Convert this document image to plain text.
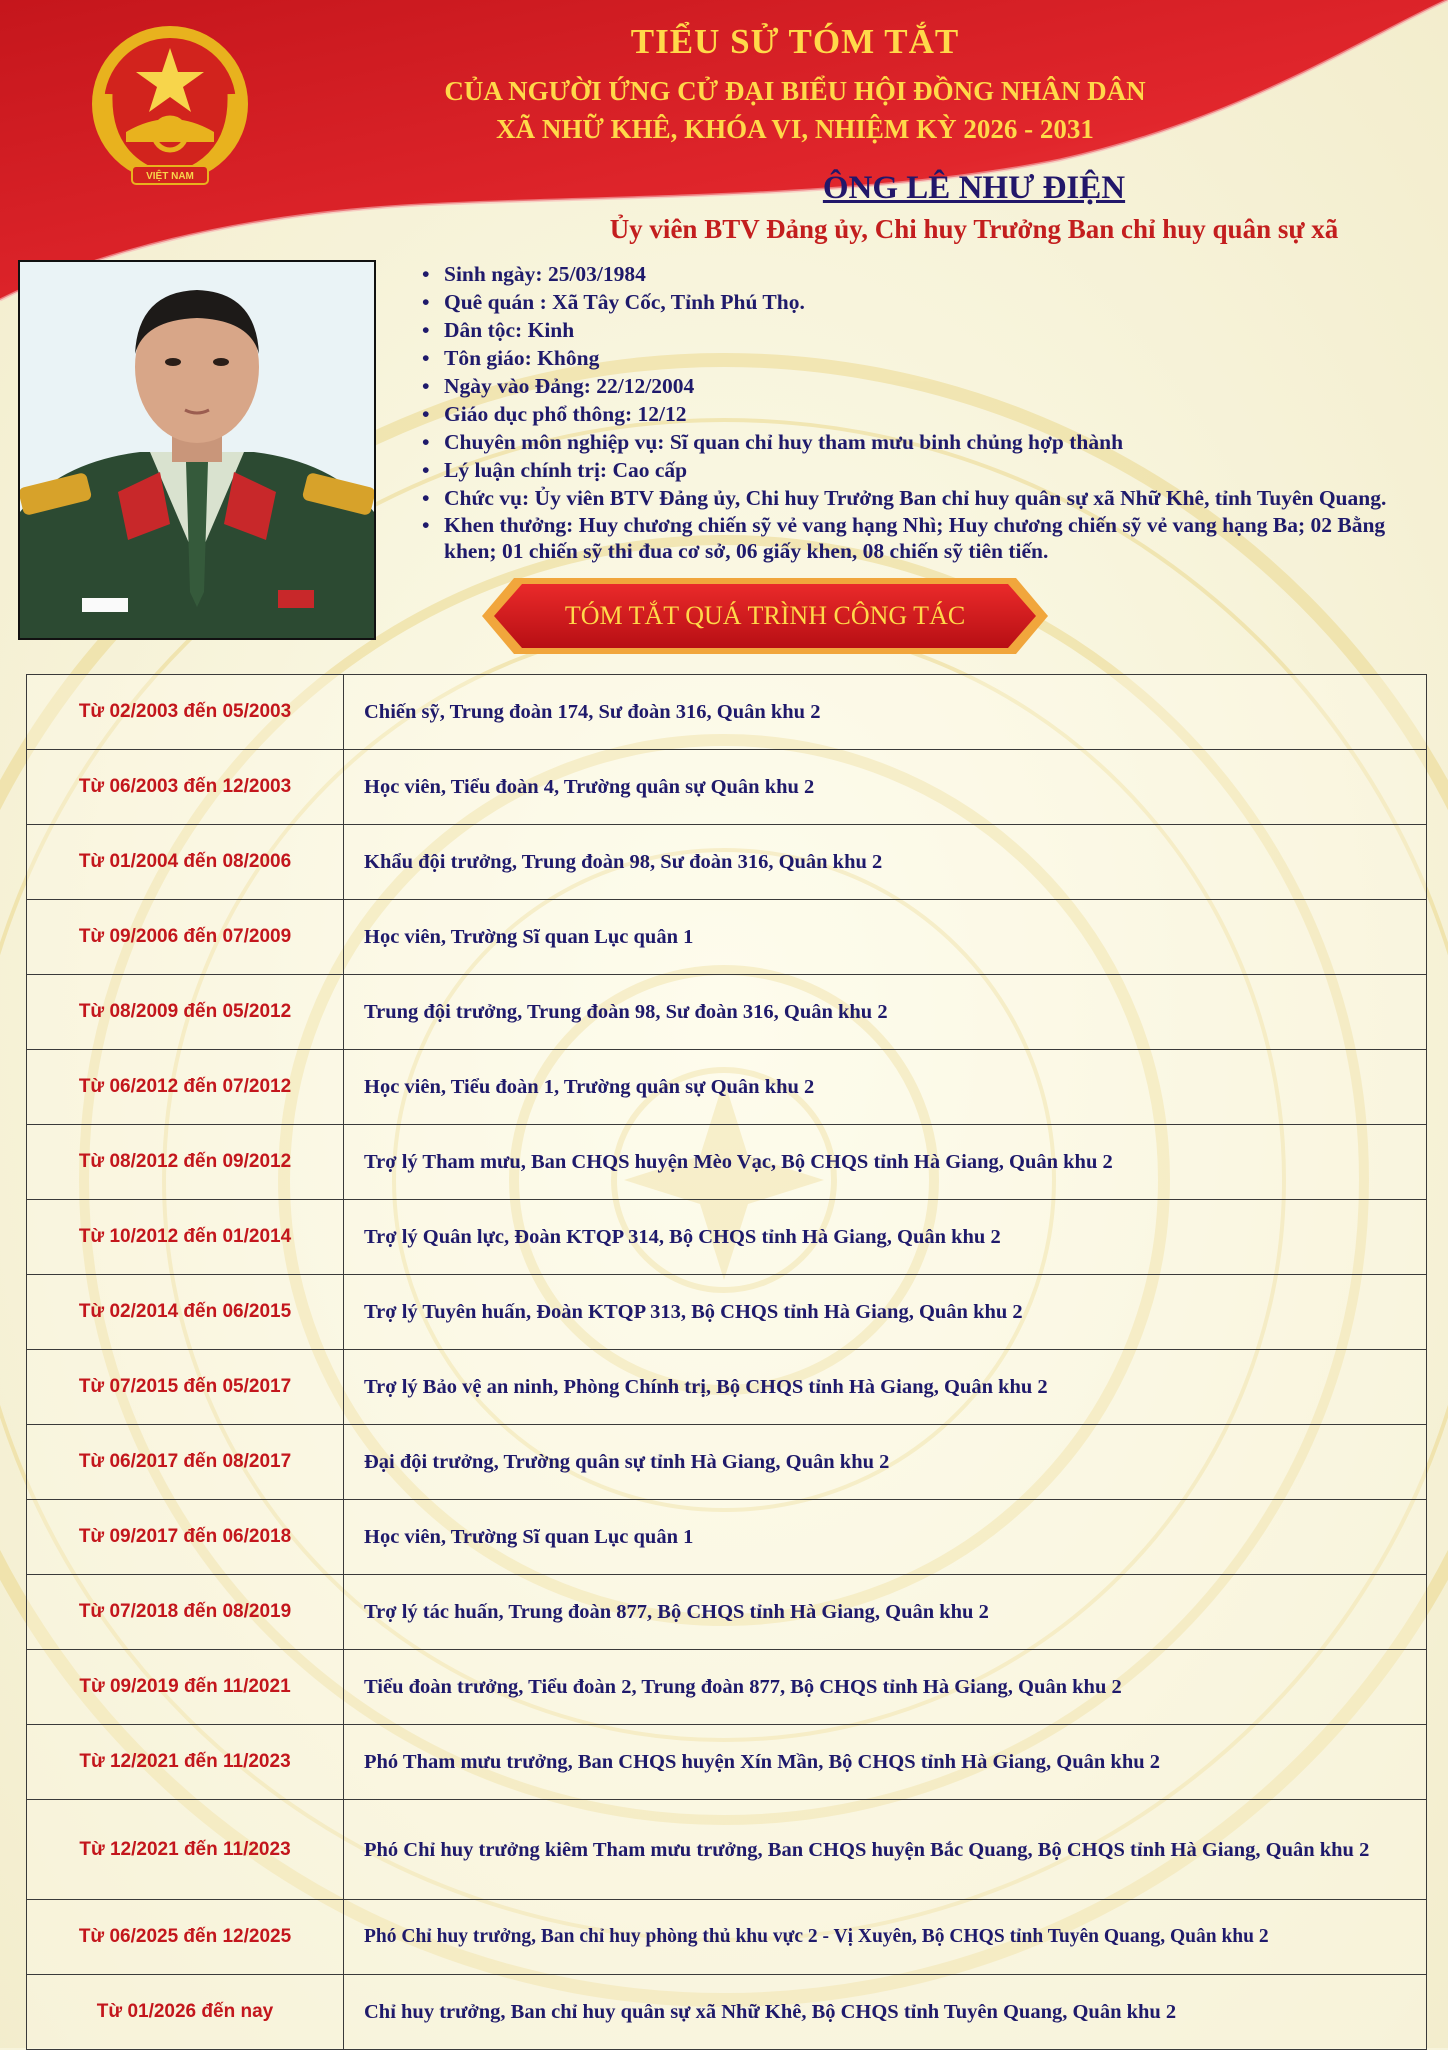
VIỆT NAM
TIỂU SỬ TÓM TẮT
CỦA NGƯỜI ỨNG CỬ ĐẠI BIỂU HỘI ĐỒNG NHÂN DÂN
XÃ NHỮ KHÊ, KHÓA VI, NHIỆM KỲ 2026 - 2031
ÔNG LÊ NHƯ ĐIỆN
Ủy viên BTV Đảng ủy, Chi huy Trưởng Ban chỉ huy quân sự xã
• Sinh ngày: 25/03/1984
• Quê quán : Xã Tây Cốc, Tỉnh Phú Thọ.
• Dân tộc: Kinh
• Tôn giáo: Không
• Ngày vào Đảng: 22/12/2004
• Giáo dục phổ thông: 12/12
• Chuyên môn nghiệp vụ: Sĩ quan chỉ huy tham mưu binh chủng hợp thành
• Lý luận chính trị: Cao cấp
• Chức vụ: Ủy viên BTV Đảng ủy, Chi huy Trưởng Ban chỉ huy quân sự xã Nhữ Khê, tỉnh Tuyên Quang.
• Khen thưởng: Huy chương chiến sỹ vẻ vang hạng Nhì; Huy chương chiến sỹ vẻ vang hạng Ba; 02 Bằng khen; 01 chiến sỹ thi đua cơ sở, 06 giấy khen, 08 chiến sỹ tiên tiến.
TÓM TẮT QUÁ TRÌNH CÔNG TÁC
Từ 02/2003 đến 05/2003	Chiến sỹ, Trung đoàn 174, Sư đoàn 316, Quân khu 2
Từ 06/2003 đến 12/2003	Học viên, Tiểu đoàn 4, Trường quân sự Quân khu 2
Từ 01/2004 đến 08/2006	Khẩu đội trưởng, Trung đoàn 98, Sư đoàn 316, Quân khu 2
Từ 09/2006 đến 07/2009	Học viên, Trường Sĩ quan Lục quân 1
Từ 08/2009 đến 05/2012	Trung đội trưởng, Trung đoàn 98, Sư đoàn 316, Quân khu 2
Từ 06/2012 đến 07/2012	Học viên, Tiểu đoàn 1, Trường quân sự Quân khu 2
Từ 08/2012 đến 09/2012	Trợ lý Tham mưu, Ban CHQS huyện Mèo Vạc, Bộ CHQS tỉnh Hà Giang, Quân khu 2
Từ 10/2012 đến 01/2014	Trợ lý Quân lực, Đoàn KTQP 314, Bộ CHQS tỉnh Hà Giang, Quân khu 2
Từ 02/2014 đến 06/2015	Trợ lý Tuyên huấn, Đoàn KTQP 313, Bộ CHQS tỉnh Hà Giang, Quân khu 2
Từ 07/2015 đến 05/2017	Trợ lý Bảo vệ an ninh, Phòng Chính trị, Bộ CHQS tỉnh Hà Giang, Quân khu 2
Từ 06/2017 đến 08/2017	Đại đội trưởng, Trường quân sự tỉnh Hà Giang, Quân khu 2
Từ 09/2017 đến 06/2018	Học viên, Trường Sĩ quan Lục quân 1
Từ 07/2018 đến 08/2019	Trợ lý tác huấn, Trung đoàn 877, Bộ CHQS tỉnh Hà Giang, Quân khu 2
Từ 09/2019 đến 11/2021	Tiểu đoàn trưởng, Tiểu đoàn 2, Trung đoàn 877, Bộ CHQS tỉnh Hà Giang, Quân khu 2
Từ 12/2021 đến 11/2023	Phó Tham mưu trưởng, Ban CHQS huyện Xín Mần, Bộ CHQS tỉnh Hà Giang, Quân khu 2
Từ 12/2021 đến 11/2023	Phó Chỉ huy trưởng kiêm Tham mưu trưởng, Ban CHQS huyện Bắc Quang, Bộ CHQS tỉnh Hà Giang, Quân khu 2
Từ 06/2025 đến 12/2025	Phó Chỉ huy trưởng, Ban chỉ huy phòng thủ khu vực 2 - Vị Xuyên, Bộ CHQS tỉnh Tuyên Quang, Quân khu 2
Từ 01/2026 đến nay	Chỉ huy trưởng, Ban chỉ huy quân sự xã Nhữ Khê, Bộ CHQS tỉnh Tuyên Quang, Quân khu 2
